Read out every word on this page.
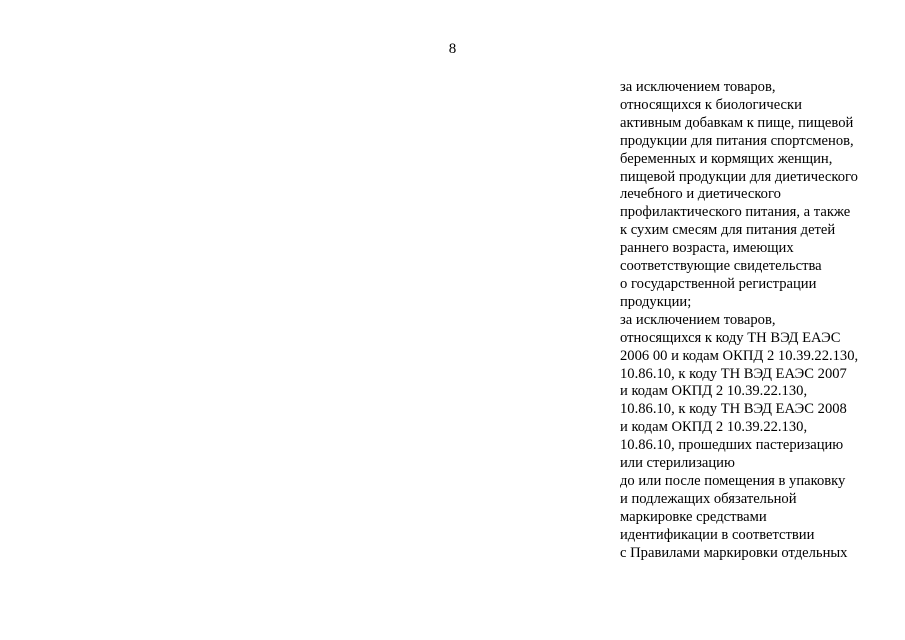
8
за исключением товаров,
относящихся к биологически
активным добавкам к пище, пищевой
продукции для питания спортсменов,
беременных и кормящих женщин,
пищевой продукции для диетического
лечебного и диетического
профилактического питания, а также
к сухим смесям для питания детей
раннего возраста, имеющих
соответствующие свидетельства
о государственной регистрации
продукции;
за исключением товаров,
относящихся к коду ТН ВЭД ЕАЭС
2006 00 и кодам ОКПД 2 10.39.22.130,
10.86.10, к коду ТН ВЭД ЕАЭС 2007
и кодам ОКПД 2 10.39.22.130,
10.86.10, к коду ТН ВЭД ЕАЭС 2008
и кодам ОКПД 2 10.39.22.130,
10.86.10, прошедших пастеризацию
или стерилизацию
до или после помещения в упаковку
и подлежащих обязательной
маркировке средствами
идентификации в соответствии
с Правилами маркировки отдельных
